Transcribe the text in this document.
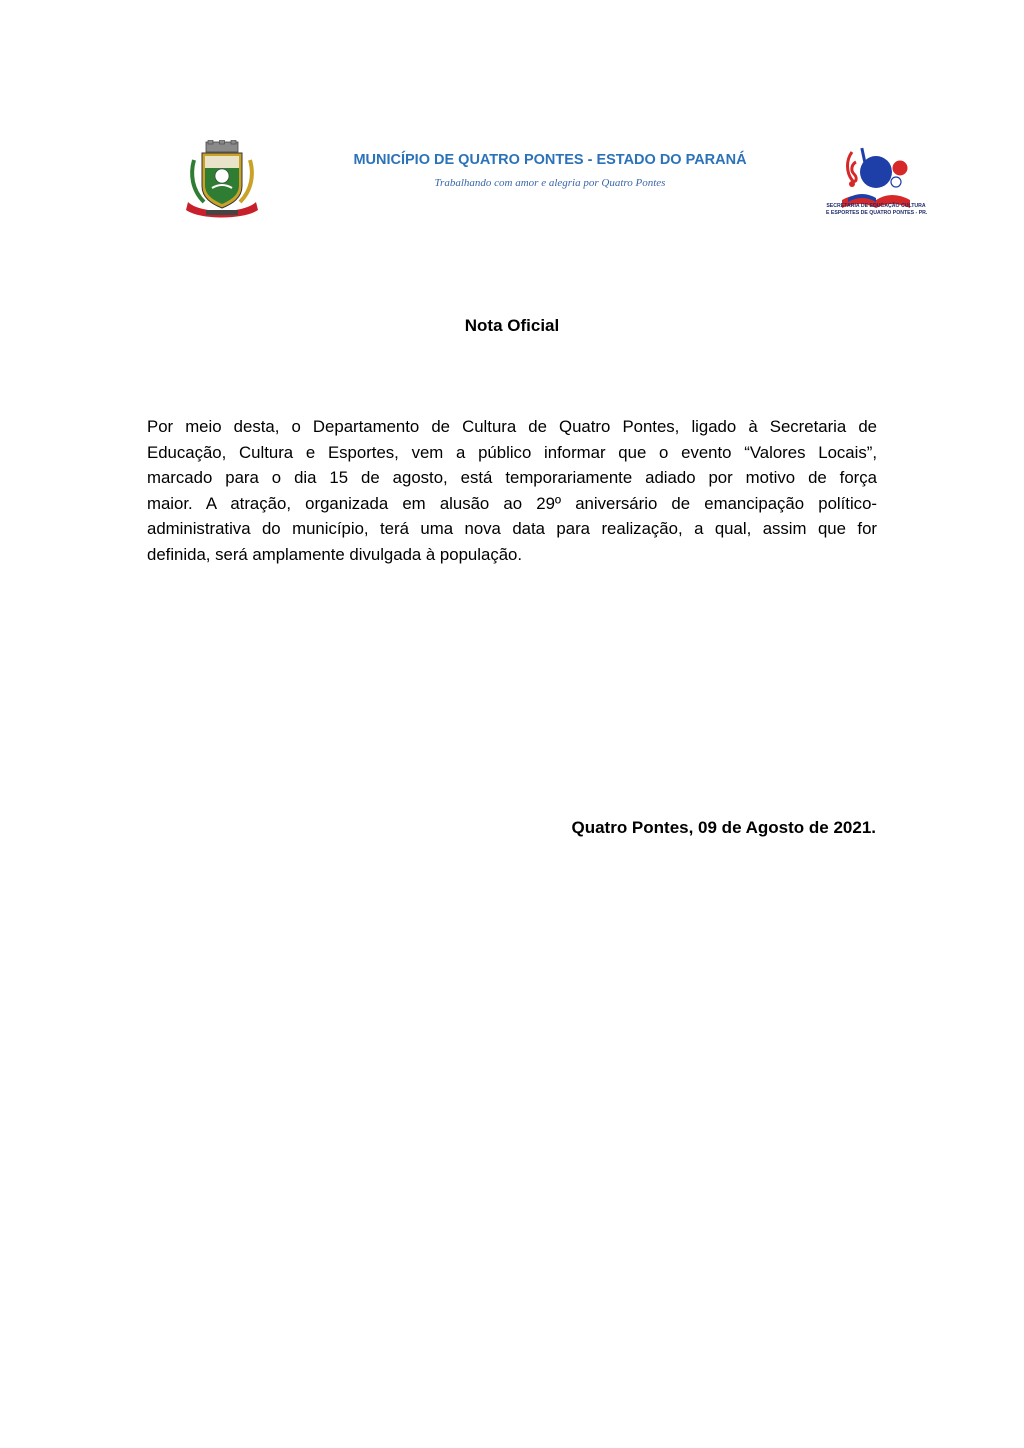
MUNICÍPIO DE QUATRO PONTES - ESTADO DO PARANÁ
Trabalhando com amor e alegria por Quatro Pontes
SECRETARIA DE EDUCAÇÃO CULTURA
E ESPORTES DE QUATRO PONTES - PR.
Nota Oficial
Por meio desta, o Departamento de Cultura de Quatro Pontes, ligado à Secretaria de
Educação, Cultura e Esportes, vem a público informar que o evento “Valores Locais”,
marcado para o dia 15 de agosto, está temporariamente adiado por motivo de força
maior. A atração, organizada em alusão ao 29º aniversário de emancipação político-
administrativa do município, terá uma nova data para realização, a qual, assim que for
definida, será amplamente divulgada à população.
Quatro Pontes, 09 de Agosto de 2021.
